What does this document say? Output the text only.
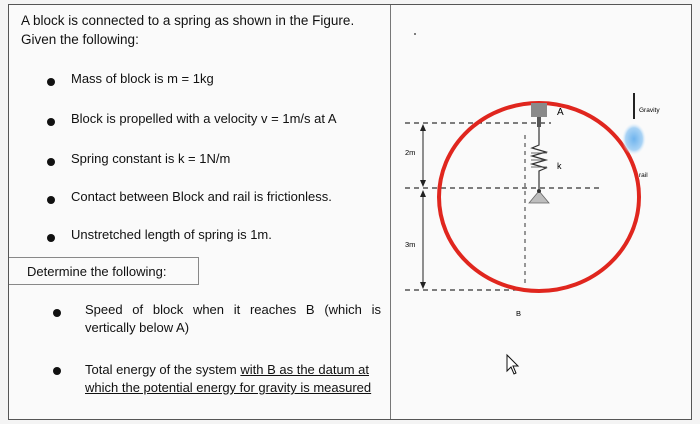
A block is connected to a spring as shown in the Figure.
Given the following:
Mass of block is m = 1kg
Block is propelled with a velocity v = 1m/s at A
Spring constant is k = 1N/m
Contact between Block and rail is frictionless.
Unstretched length of spring is 1m.
Determine the following:
Speed of block when it reaches B (which is vertically below A)
Total energy of the system with B as the datum at which the potential energy for gravity is measured
2m
3m
A
k
B
Gravity
rail
